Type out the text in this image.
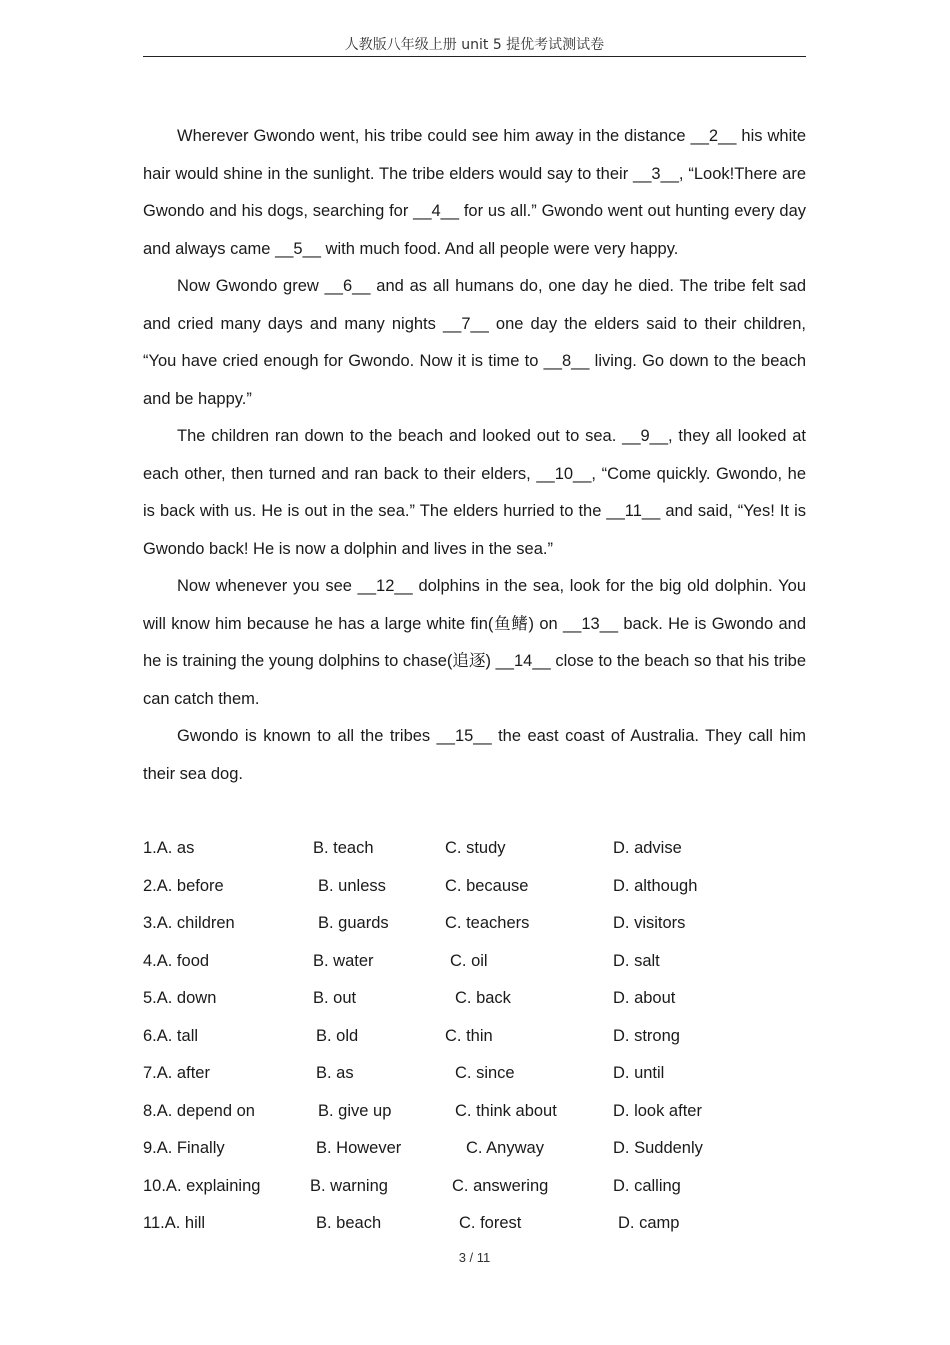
人教版八年级上册 unit 5 提优考试测试卷

Wherever Gwondo went, his tribe could see him away in the distance __2__ his white hair would shine in the sunlight. The tribe elders would say to their __3__, “Look!There are Gwondo and his dogs, searching for __4__ for us all.” Gwondo went out hunting every day and always came __5__ with much food. And all people were very happy.

Now Gwondo grew __6__ and as all humans do, one day he died. The tribe felt sad and cried many days and many nights __7__ one day the elders said to their children, “You have cried enough for Gwondo. Now it is time to __8__ living. Go down to the beach and be happy.”

The children ran down to the beach and looked out to sea. __9__, they all looked at each other, then turned and ran back to their elders, __10__, “Come quickly. Gwondo, he is back with us. He is out in the sea.” The elders hurried to the __11__ and said, “Yes! It is Gwondo back! He is now a dolphin and lives in the sea.”

Now whenever you see __12__ dolphins in the sea, look for the big old dolphin. You will know him because he has a large white fin(鱼鳍) on __13__ back. He is Gwondo and he is training the young dolphins to chase(追逐) __14__ close to the beach so that his tribe can catch them.

Gwondo is known to all the tribes __15__ the east coast of Australia. They call him their sea dog.

1.A. as	B. teach	C. study	D. advise
2.A. before	B. unless	C. because	D. although
3.A. children	B. guards	C. teachers	D. visitors
4.A. food	B. water	C. oil	D. salt
5.A. down	B. out	C. back	D. about
6.A. tall	B. old	C. thin	D. strong
7.A. after	B. as	C. since	D. until
8.A. depend on	B. give up	C. think about	D. look after
9.A. Finally	B. However	C. Anyway	D. Suddenly
10.A. explaining	B. warning	C. answering	D. calling
11.A. hill	B. beach	C. forest	D. camp
3 / 11
